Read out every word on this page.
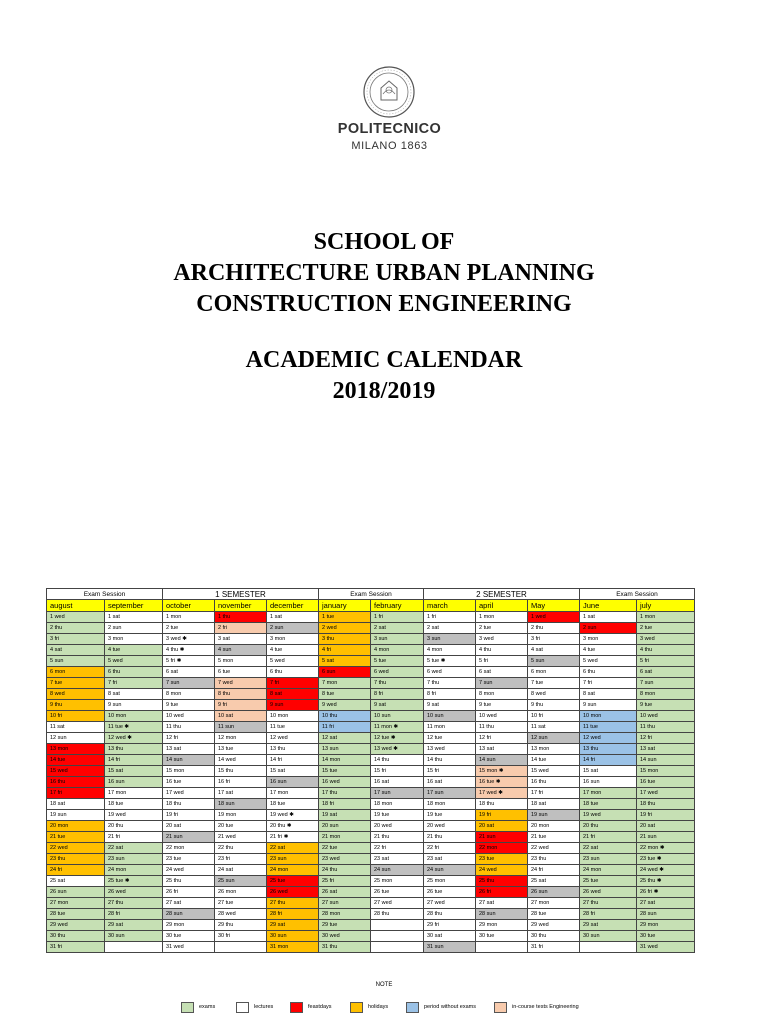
POLITECNICO
MILANO 1863
SCHOOL OF
ARCHITECTURE URBAN PLANNING
CONSTRUCTION ENGINEERING
ACADEMIC CALENDAR
2018/2019
Exam Session		1 SEMESTER			Exam Session		2 SEMESTER			Exam Session	
august	september	october	november	december	january	february	march	april	May	June	july
1 wed	1 sat	1 mon	1 thu	1 sat	1 tue	1 fri	1 fri	1 mon	1 wed	1 sat	1 mon
2 thu	2 sun	2 tue	2 fri	2 sun	2 wed	2 sat	2 sat	2 tue	2 thu	2 sun	2 tue
3 fri	3 mon	3 wed ✱	3 sat	3 mon	3 thu	3 sun	3 sun	3 wed	3 fri	3 mon	3 wed
4 sat	4 tue	4 thu ✱	4 sun	4 tue	4 fri	4 mon	4 mon	4 thu	4 sat	4 tue	4 thu
5 sun	5 wed	5 fri ✱	5 mon	5 wed	5 sat	5 tue	5 tue ✱	5 fri	5 sun	5 wed	5 fri
6 mon	6 thu	6 sat	6 tue	6 thu	6 sun	6 wed	6 wed	6 sat	6 mon	6 thu	6 sat
7 tue	7 fri	7 sun	7 wed	7 fri	7 mon	7 thu	7 thu	7 sun	7 tue	7 fri	7 sun
8 wed	8 sat	8 mon	8 thu	8 sat	8 tue	8 fri	8 fri	8 mon	8 wed	8 sat	8 mon
9 thu	9 sun	9 tue	9 fri	9 sun	9 wed	9 sat	9 sat	9 tue	9 thu	9 sun	9 tue
10 fri	10 mon	10 wed	10 sat	10 mon	10 thu	10 sun	10 sun	10 wed	10 fri	10 mon	10 wed
11 sat	11 tue ✱	11 thu	11 sun	11 tue	11 fri	11 mon ✱	11 mon	11 thu	11 sat	11 tue	11 thu
12 sun	12 wed ✱	12 fri	12 mon	12 wed	12 sat	12 tue ✱	12 tue	12 fri	12 sun	12 wed	12 fri
13 mon	13 thu	13 sat	13 tue	13 thu	13 sun	13 wed ✱	13 wed	13 sat	13 mon	13 thu	13 sat
14 tue	14 fri	14 sun	14 wed	14 fri	14 mon	14 thu	14 thu	14 sun	14 tue	14 fri	14 sun
15 wed	15 sat	15 mon	15 thu	15 sat	15 tue	15 fri	15 fri	15 mon ✱	15 wed	15 sat	15 mon
16 thu	16 sun	16 tue	16 fri	16 sun	16 wed	16 sat	16 sat	16 tue ✱	16 thu	16 sun	16 tue
17 fri	17 mon	17 wed	17 sat	17 mon	17 thu	17 sun	17 sun	17 wed ✱	17 fri	17 mon	17 wed
18 sat	18 tue	18 thu	18 sun	18 tue	18 fri	18 mon	18 mon	18 thu	18 sat	18 tue	18 thu
19 sun	19 wed	19 fri	19 mon	19 wed ✱	19 sat	19 tue	19 tue	19 fri	19 sun	19 wed	19 fri
20 mon	20 thu	20 sat	20 tue	20 thu ✱	20 sun	20 wed	20 wed	20 sat	20 mon	20 thu	20 sat
21 tue	21 fri	21 sun	21 wed	21 fri ✱	21 mon	21 thu	21 thu	21 sun	21 tue	21 fri	21 sun
22 wed	22 sat	22 mon	22 thu	22 sat	22 tue	22 fri	22 fri	22 mon	22 wed	22 sat	22 mon ✱
23 thu	23 sun	23 tue	23 fri	23 sun	23 wed	23 sat	23 sat	23 tue	23 thu	23 sun	23 tue ✱
24 fri	24 mon	24 wed	24 sat	24 mon	24 thu	24 sun	24 sun	24 wed	24 fri	24 mon	24 wed ✱
25 sat	25 tue ✱	25 thu	25 sun	25 tue	25 fri	25 mon	25 mon	25 thu	25 sat	25 tue	25 thu ✱
26 sun	26 wed	26 fri	26 mon	26 wed	26 sat	26 tue	26 tue	26 fri	26 sun	26 wed	26 fri ✱
27 mon	27 thu	27 sat	27 tue	27 thu	27 sun	27 wed	27 wed	27 sat	27 mon	27 thu	27 sat
28 tue	28 fri	28 sun	28 wed	28 fri	28 mon	28 thu	28 thu	28 sun	28 tue	28 fri	28 sun
29 wed	29 sat	29 mon	29 thu	29 sat	29 tue		29 fri	29 mon	29 wed	29 sat	29 mon
30 thu	30 sun	30 tue	30 fri	30 sun	30 wed		30 sat	30 tue	30 thu	30 sun	30 tue
31 fri		31 wed		31 mon	31 thu		31 sun		31 fri		31 wed
NOTE
exams	lectures	feastdays	holidays	period without exams	in-course tests Engineering
